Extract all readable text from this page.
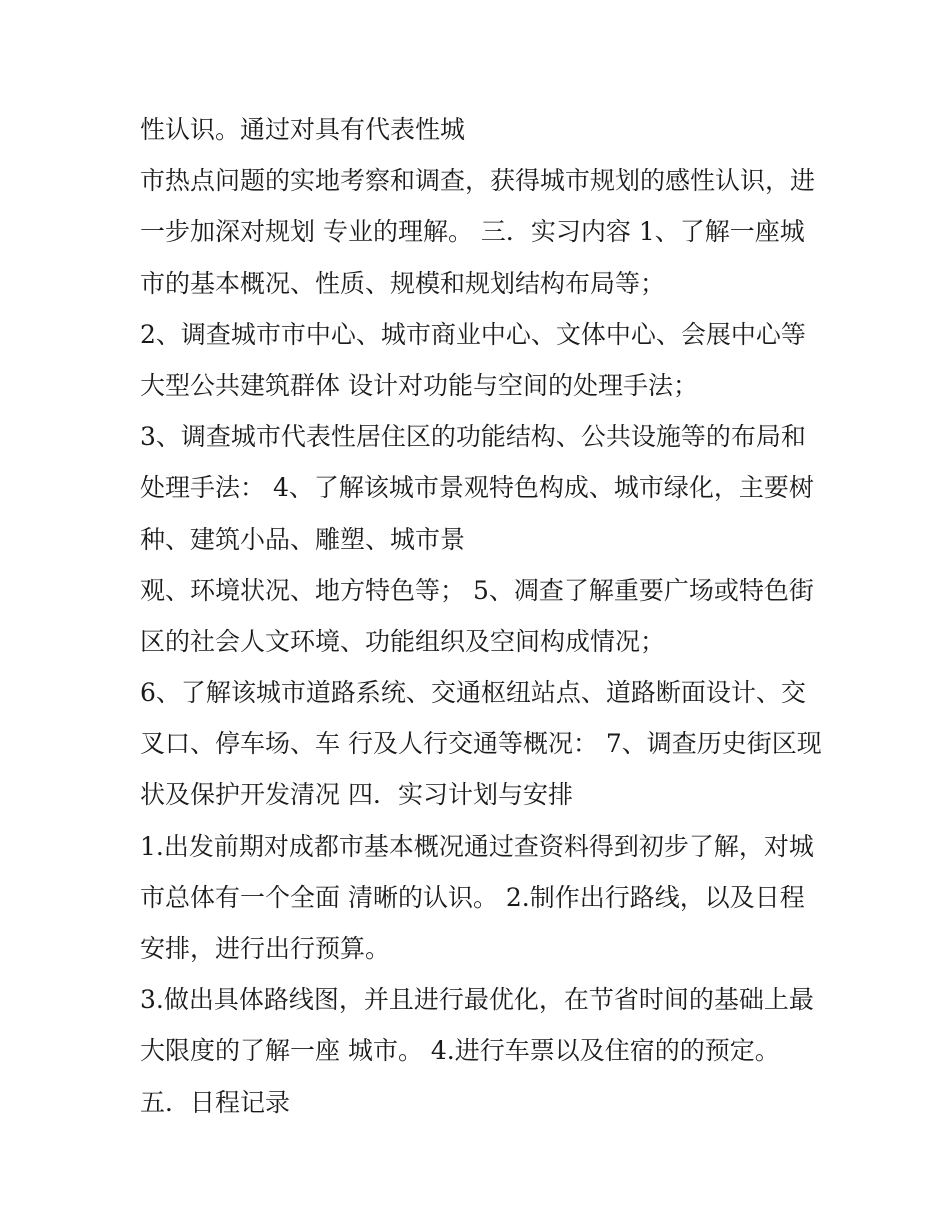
性认识。通过对具有代表性城
市热点问题的实地考察和调查，获得城市规划的感性认识，进
一步加深对规划 专业的理解。 三．实习内容 1、了解一座城
市的基本概况、性质、规模和规划结构布局等；
2、调查城市市中心、城市商业中心、文体中心、会展中心等
大型公共建筑群体 设计对功能与空间的处理手法；
3、调查城市代表性居住区的功能结构、公共设施等的布局和
处理手法： 4、了解该城市景观特色构成、城市绿化，主要树
种、建筑小品、雕塑、城市景
观、环境状况、地方特色等； 5、凋查了解重要广场或特色街
区的社会人文环境、功能组织及空间构成情况；
6、了解该城市道路系统、交通枢纽站点、道路断面设计、交
叉口、停车场、车 行及人行交通等概况： 7、调查历史街区现
状及保护开发清况 四．实习计划与安排
1.出发前期对成都市基本概况通过查资料得到初步了解，对城
市总体有一个全面 清晰的认识。 2.制作出行路线，以及日程
安排，进行出行预算。
3.做出具体路线图，并且进行最优化，在节省时间的基础上最
大限度的了解一座 城市。 4.进行车票以及住宿的的预定。
五．日程记录
